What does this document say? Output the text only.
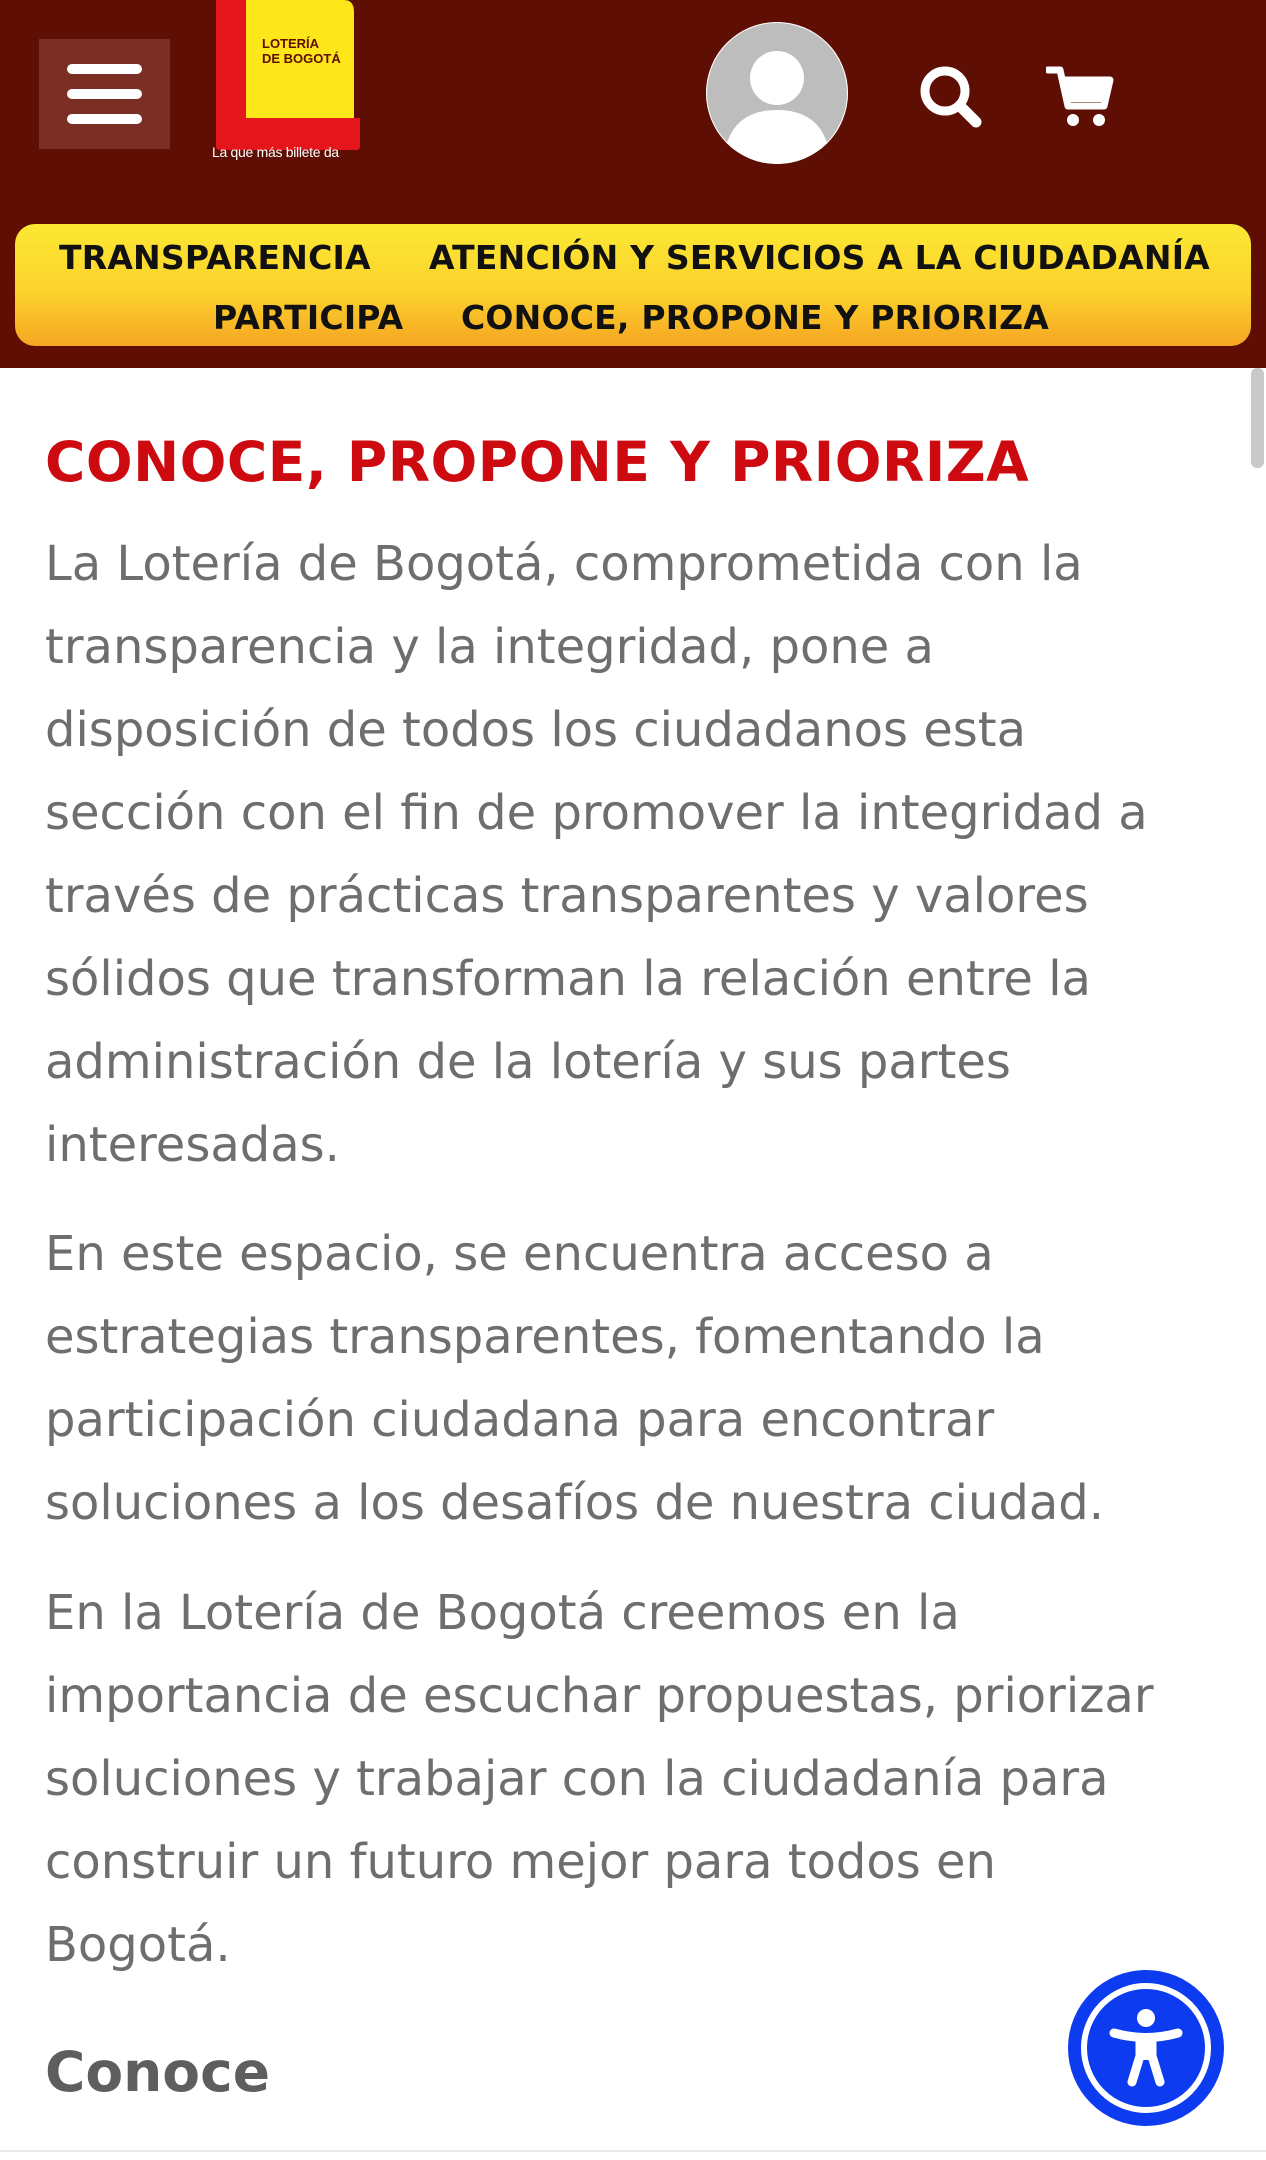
LOTERÍA
DE BOGOTÁ
La que más billete da
TRANSPARENCIA ATENCIÓN Y SERVICIOS A LA CIUDADANÍA
PARTICIPA CONOCE, PROPONE Y PRIORIZA
CONOCE, PROPONE Y PRIORIZA

La Lotería de Bogotá, comprometida con la
transparencia y la integridad, pone a
disposición de todos los ciudadanos esta
sección con el fin de promover la integridad a
través de prácticas transparentes y valores
sólidos que transforman la relación entre la
administración de la lotería y sus partes
interesadas.

En este espacio, se encuentra acceso a
estrategias transparentes, fomentando la
participación ciudadana para encontrar
soluciones a los desafíos de nuestra ciudad.

En la Lotería de Bogotá creemos en la
importancia de escuchar propuestas, priorizar
soluciones y trabajar con la ciudadanía para
construir un futuro mejor para todos en
Bogotá.

Conoce
